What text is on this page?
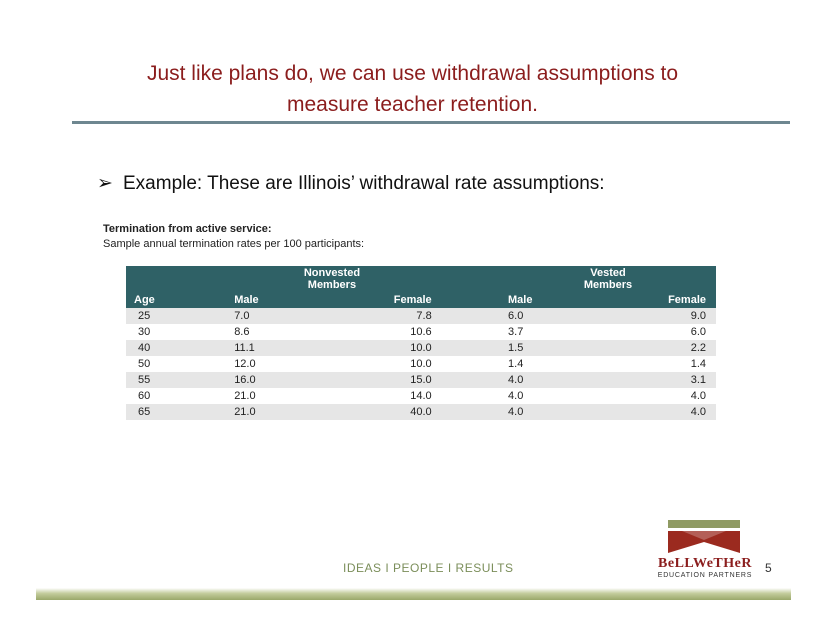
Just like plans do, we can use withdrawal assumptions to
measure teacher retention.
➢ Example: These are Illinois’ withdrawal rate assumptions:
Termination from active service:
Sample annual termination rates per 100 participants:
	Nonvested Members			Vested Members	
Age	Male	Female		Male	Female
25	7.0	7.8		6.0	9.0
30	8.6	10.6		3.7	6.0
40	11.1	10.0		1.5	2.2
50	12.0	10.0		1.4	1.4
55	16.0	15.0		4.0	3.1
60	21.0	14.0		4.0	4.0
65	21.0	40.0		4.0	4.0
IDEAS I PEOPLE I RESULTS	BeLLWeTHeR
EDUCATION PARTNERS
5
